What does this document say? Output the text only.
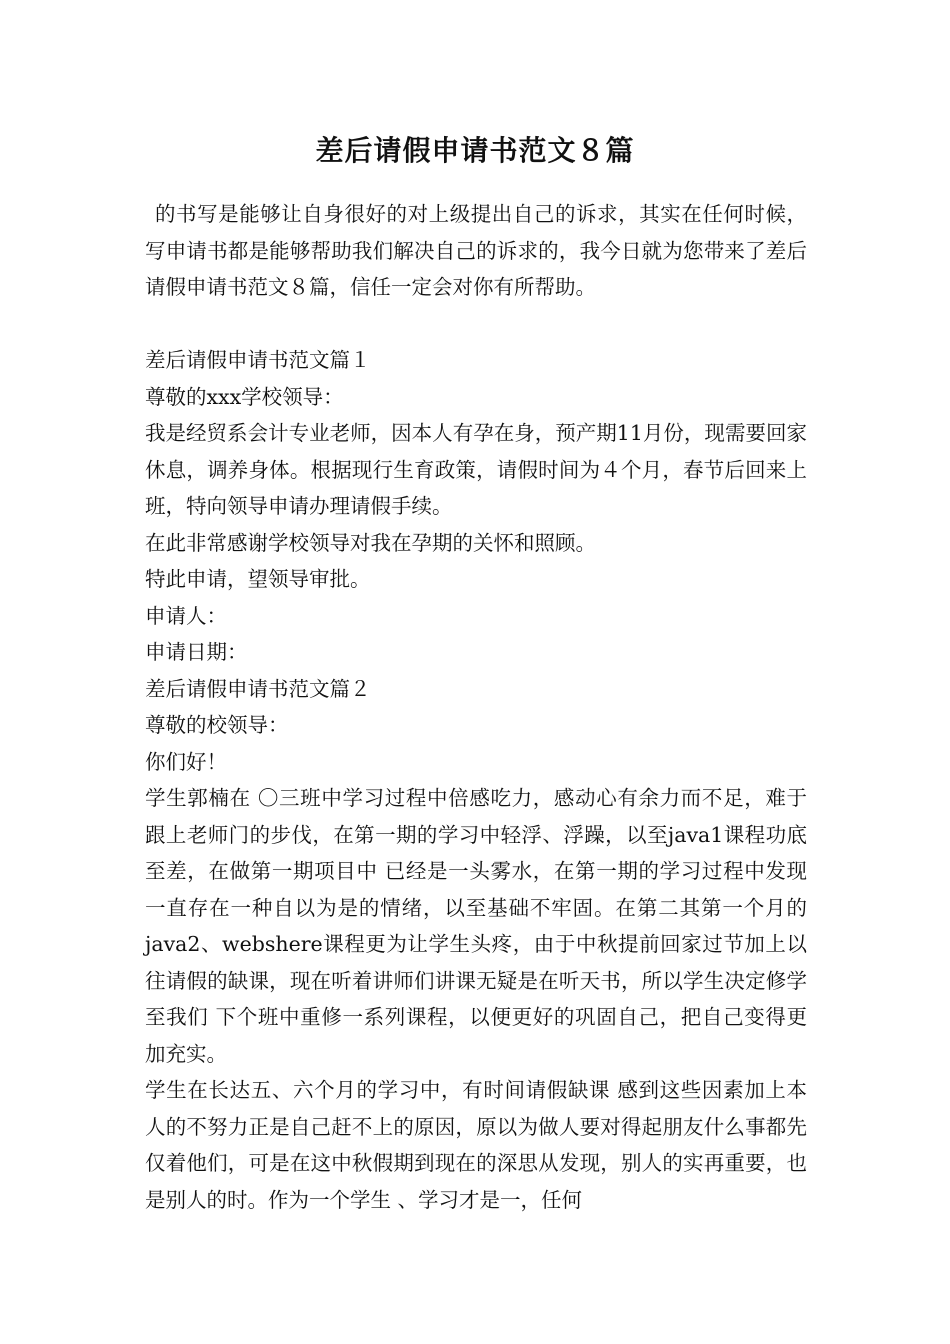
差后请假申请书范文８篇

的书写是能够让自身很好的对上级提出自己的诉求，其实在任何时候，写申请书都是能够帮助我们解决自己的诉求的，我今日就为您带来了差后请假申请书范文８篇，信任一定会对你有所帮助。

差后请假申请书范文篇１

尊敬的xxx学校领导：

我是经贸系会计专业老师，因本人有孕在身，预产期11月份，现需要回家休息，调养身体。根据现行生育政策，请假时间为４个月，春节后回来上班，特向领导申请办理请假手续。

在此非常感谢学校领导对我在孕期的关怀和照顾。

特此申请，望领导审批。

申请人：

申请日期：

差后请假申请书范文篇２

尊敬的校领导：

你们好！

学生郭楠在 〇三班中学习过程中倍感吃力，感动心有余力而不足，难于跟上老师门的步伐，在第一期的学习中轻浮、浮躁，以至java1课程功底至差，在做第一期项目中 已经是一头雾水，在第一期的学习过程中发现一直存在一种自以为是的情绪，以至基础不牢固。在第二其第一个月的java2、webshere课程更为让学生头疼，由于中秋提前回家过节加上以往请假的缺课，现在听着讲师们讲课无疑是在听天书，所以学生决定修学至我们 下个班中重修一系列课程，以便更好的巩固自己，把自己变得更加充实。

学生在长达五、六个月的学习中，有时间请假缺课 感到这些因素加上本人的不努力正是自己赶不上的原因，原以为做人要对得起朋友什么事都先仅着他们，可是在这中秋假期到现在的深思从发现，别人的实再重要，也是别人的时。作为一个学生 、学习才是一，任何
